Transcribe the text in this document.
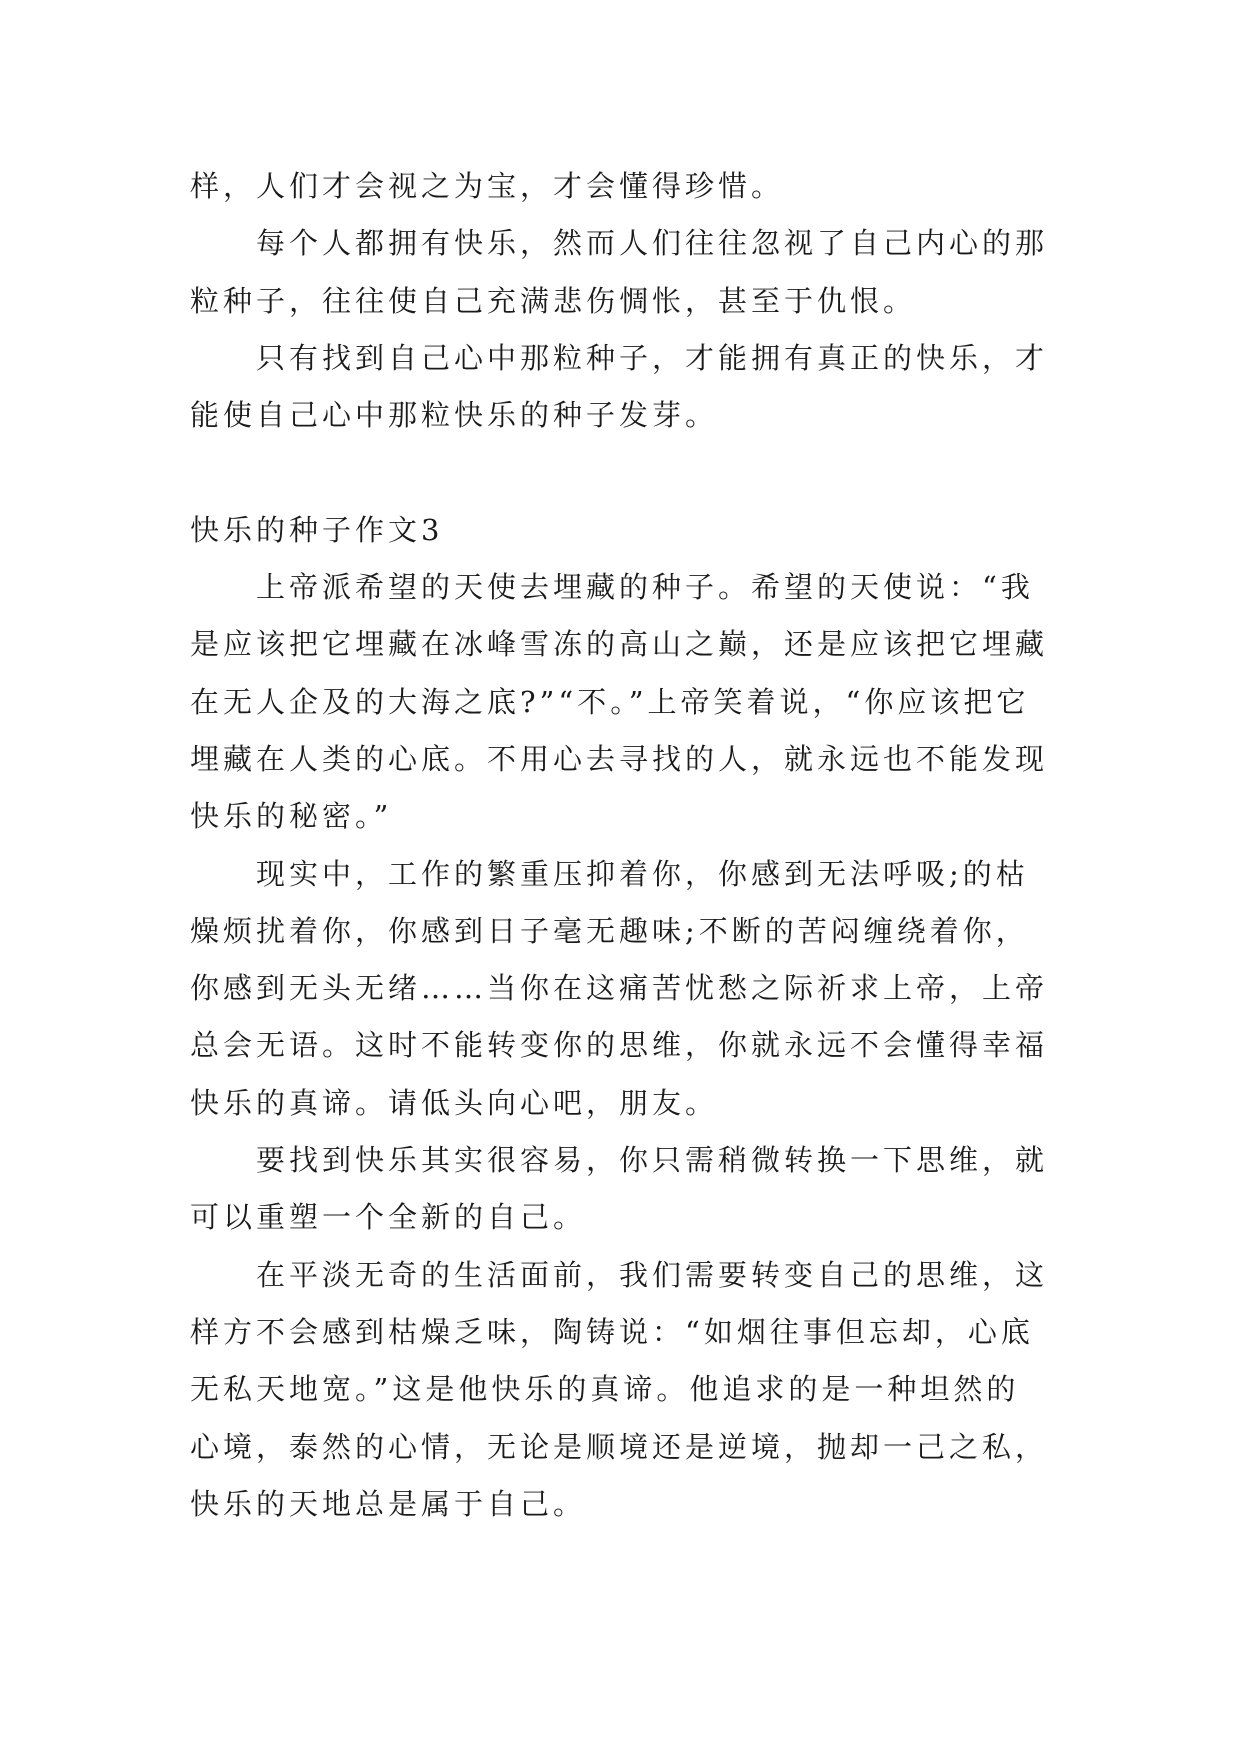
样，人们才会视之为宝，才会懂得珍惜。
每个人都拥有快乐，然而人们往往忽视了自己内心的那
粒种子，往往使自己充满悲伤惆怅，甚至于仇恨。
只有找到自己心中那粒种子，才能拥有真正的快乐，才
能使自己心中那粒快乐的种子发芽。
快乐的种子作文3
上帝派希望的天使去埋藏的种子。希望的天使说：“我
是应该把它埋藏在冰峰雪冻的高山之巅，还是应该把它埋藏
在无人企及的大海之底?”“不。”上帝笑着说，“你应该把它
埋藏在人类的心底。不用心去寻找的人，就永远也不能发现
快乐的秘密。”
现实中，工作的繁重压抑着你，你感到无法呼吸;的枯
燥烦扰着你，你感到日子毫无趣味;不断的苦闷缠绕着你，
你感到无头无绪……当你在这痛苦忧愁之际祈求上帝，上帝
总会无语。这时不能转变你的思维，你就永远不会懂得幸福
快乐的真谛。请低头向心吧，朋友。
要找到快乐其实很容易，你只需稍微转换一下思维，就
可以重塑一个全新的自己。
在平淡无奇的生活面前，我们需要转变自己的思维，这
样方不会感到枯燥乏味，陶铸说：“如烟往事但忘却，心底
无私天地宽。”这是他快乐的真谛。他追求的是一种坦然的
心境，泰然的心情，无论是顺境还是逆境，抛却一己之私，
快乐的天地总是属于自己。
